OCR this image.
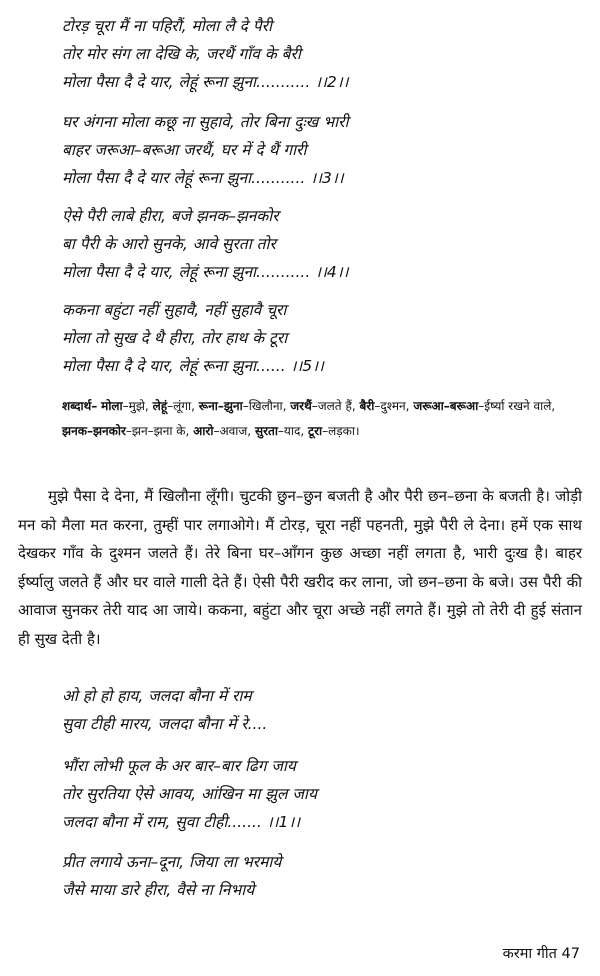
टोरड़ चूरा मैं ना पहिरौं, मोला लै दे पैरी
तोर मोर संग ला देखि के, जरथैं गाँव के बैरी
मोला पैसा दै दे यार, लेहूं रूना झुना........... ।।2।।
घर अंगना मोला कछू ना सुहावे, तोर बिना दुःख भारी
बाहर जरूआ–बरूआ जरथैं, घर में दे थैं गारी
मोला पैसा दै दे यार लेहूं रूना झुना........... ।।3।।
ऐसे पैरी लाबे हीरा, बजे झनक–झनकोर
बा पैरी के आरो सुनके, आवे सुरता तोर
मोला पैसा दै दे यार, लेहूं रूना झुना........... ।।4।।
ककना बहुंटा नहीं सुहावै, नहीं सुहावै चूरा
मोला तो सुख दे थै हीरा, तोर हाथ के टूरा
मोला पैसा दै दे यार, लेहूं रूना झुना...... ।।5।।
शब्दार्थ– मोला–मुझे, लेहूं–लूंगा, रूना–झुना–खिलौना, जरथैं–जलते हैं, बैरी–दुश्मन, जरूआ–बरूआ–ईर्ष्या रखने वाले, झनक–झनकोर–झन–झना के, आरो–अवाज, सुरता–याद, टूरा–लड़का।
  मुझे पैसा दे देना, मैं खिलौना लूँगी। चुटकी छुन–छुन बजती है और पैरी छन–छना के बजती है। जोड़ी मन को मैला मत करना, तुम्हीं पार लगाओगे। मैं टोरड़, चूरा नहीं पहनती, मुझे पैरी ले देना। हमें एक साथ देखकर गाँव के दुश्मन जलते हैं। तेरे बिना घर–आँगन कुछ अच्छा नहीं लगता है, भारी दुःख है। बाहर ईर्ष्यालु जलते हैं और घर वाले गाली देते हैं। ऐसी पैरी खरीद कर लाना, जो छन–छना के बजे। उस पैरी की आवाज सुनकर तेरी याद आ जाये। ककना, बहुंटा और चूरा अच्छे नहीं लगते हैं। मुझे तो तेरी दी हुई संतान ही सुख देती है।
ओ हो हो हाय, जलदा बौना में राम
सुवा टीही मारय, जलदा बौना में रे....
भौंरा लोभी फूल के अर बार–बार ढिग जाय
तोर सुरतिया ऐसे आवय, आंखिन मा झुल जाय
जलदा बौना में राम, सुवा टीही....... ।।1।।
प्रीत लगाये ऊना–दूना, जिया ला भरमाये
जैसे माया डारे हीरा, वैसे ना निभाये
करमा गीत 47
